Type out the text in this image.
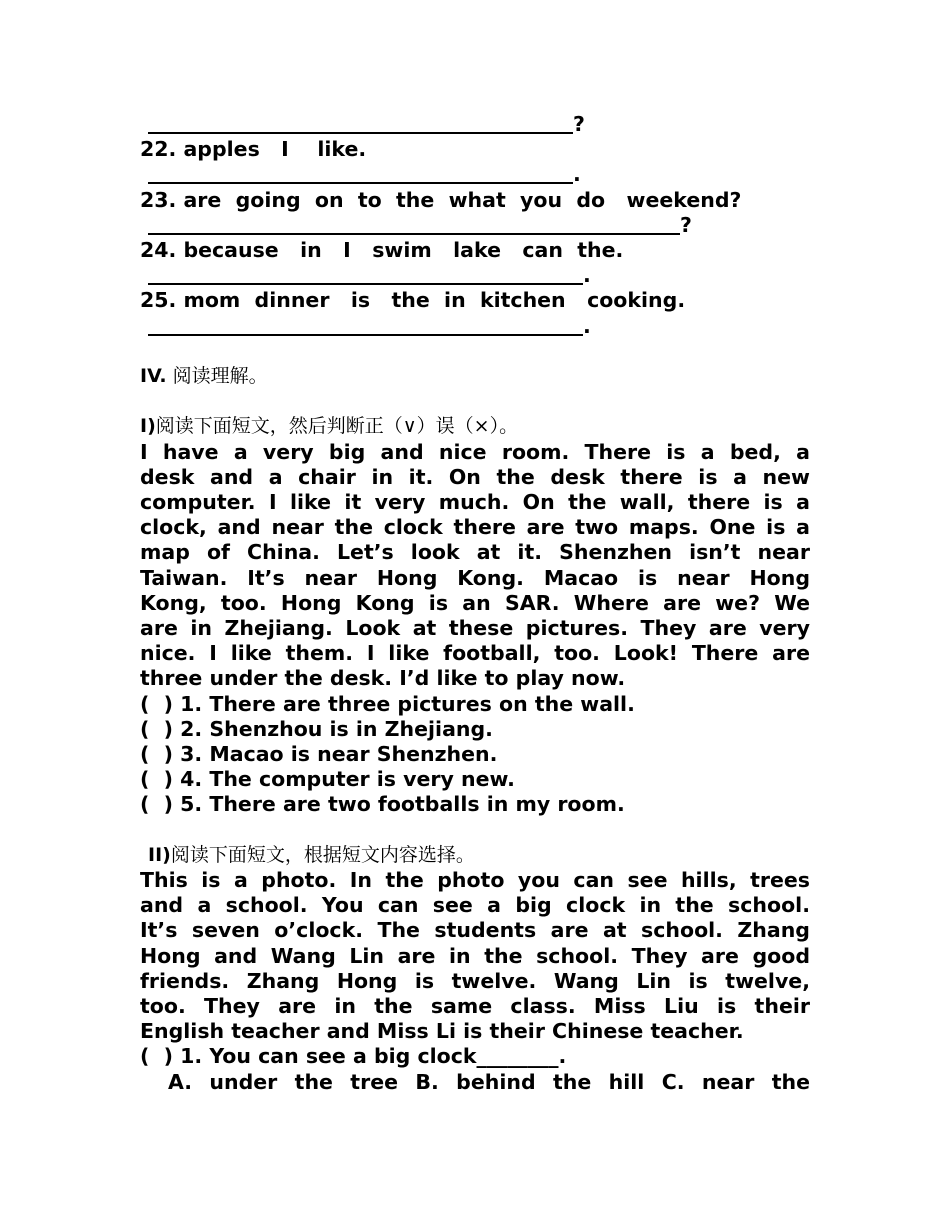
?
22. apples   I    like.
.
23. are  going  on  to  the  what  you  do   weekend?
?
24. because   in   I   swim   lake   can  the.
.
25. mom  dinner   is   the  in  kitchen   cooking.
.
IV. 阅读理解。
I)阅读下面短文，然后判断正（∨）误（×）。
I have a very big and nice room. There is a bed, a
desk and a chair in it. On the desk there is a new
computer. I like it very much. On the wall, there is a
clock, and near the clock there are two maps. One is a
map of China. Let’s look at it. Shenzhen isn’t near
Taiwan. It’s near Hong Kong. Macao is near Hong
Kong, too. Hong Kong is an SAR. Where are we? We
are in Zhejiang. Look at these pictures. They are very
nice. I like them. I like football, too. Look! There are
three under the desk. I’d like to play now.
(  ) 1. There are three pictures on the wall.
(  ) 2. Shenzhou is in Zhejiang.
(  ) 3. Macao is near Shenzhen.
(  ) 4. The computer is very new.
(  ) 5. There are two footballs in my room.
II)阅读下面短文，根据短文内容选择。
This is a photo. In the photo you can see hills, trees
and a school. You can see a big clock in the school.
It’s seven o’clock. The students are at school. Zhang
Hong and Wang Lin are in the school. They are good
friends. Zhang Hong is twelve. Wang Lin is twelve,
too. They are in the same class. Miss Liu is their
English teacher and Miss Li is their Chinese teacher.
(  ) 1. You can see a big clock________.
A. under the tree B. behind the hill C. near the
